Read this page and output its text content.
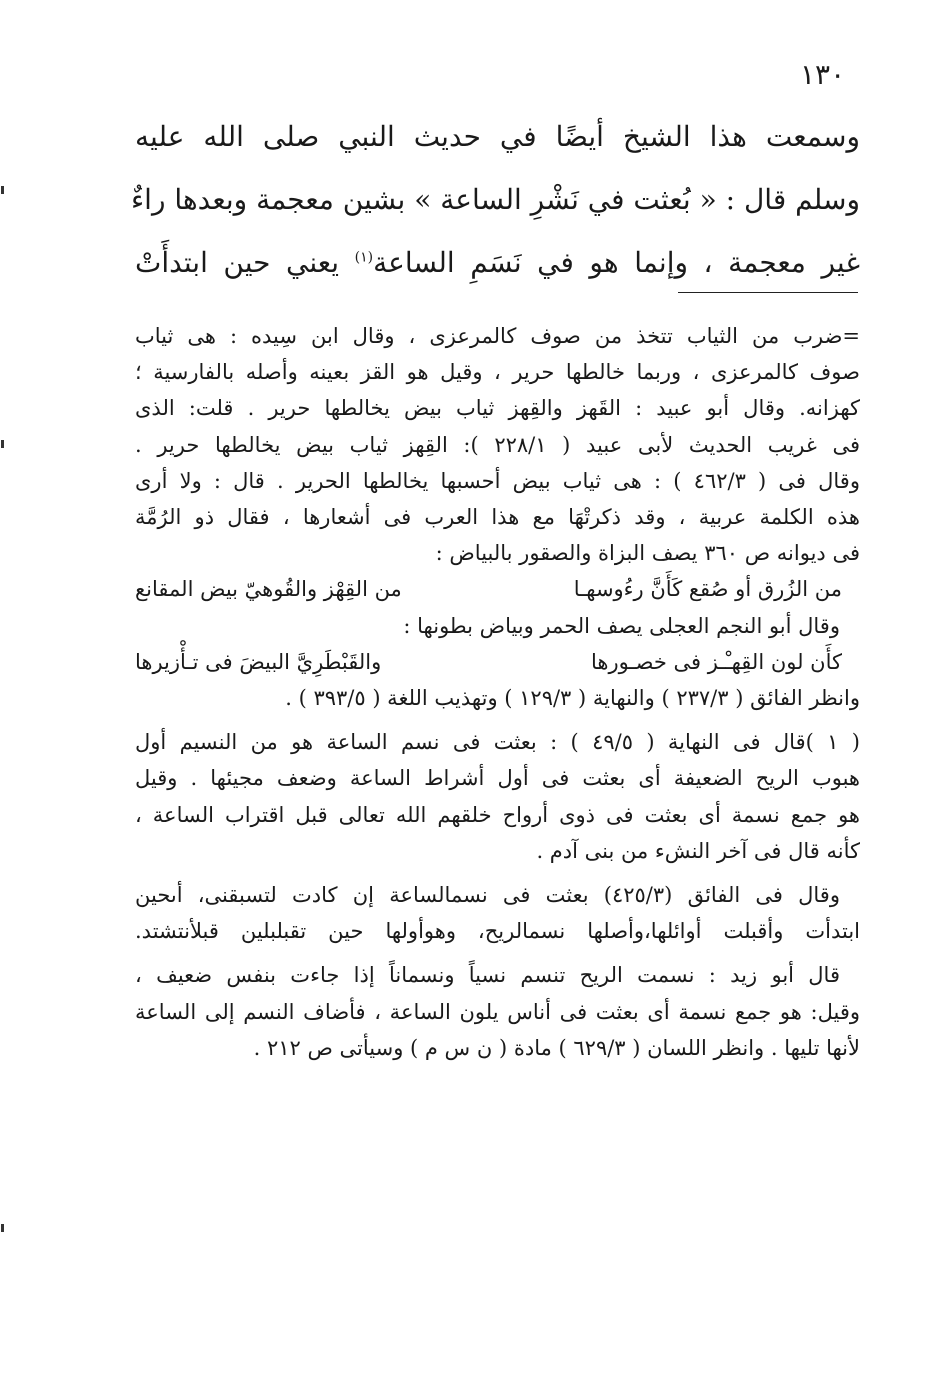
١٣٠

وسمعت هذا الشيخ أيضًا في حديث النبي صلى الله عليه

وسلم قال : « بُعثت في نَشْرِ الساعة » بشين معجمة وبعدها راءٌ

غير معجمة ، وإنما هو في نَسَمِ الساعة$^{(١)}$ يعني حين ابتدأَتْ

=ضرب من الثياب تتخذ من صوف كالمرعزى ، وقال ابن سِيده : هى ثياب

صوف كالمرعزى ، وربما خالطها حرير ، وقيل هو القز بعينه وأصله بالفارسية ؛

كهزانه. وقال أبو عبيد : القَهز والقِهز ثياب بيض يخالطها حرير . قلت: الذى

فى غريب الحديث لأبى عبيد ( ٢٢٨/١ ): القِهز ثياب بيض يخالطها حرير .

وقال فى ( ٤٦٢/٣ ) : هى ثياب بيض أحسبها يخالطها الحرير . قال : ولا أرى

هذه الكلمة عربية ، وقد ذكرتْهَا مع هذا العرب فى أشعارها ، فقال ذو الرُمَّة

فى ديوانه ص ٣٦٠ يصف البزاة والصقور بالبياض :

من الزُرق أو صُقع كَأَنَّ رءُوسهـا
من القِهْز والقُوهيّ بيض المقانع

وقال أبو النجم العجلى يصف الحمر وبياض بطونها :

كأَن لون القِهـْـز فى خصـورها
والقَبْطَرِيَّ البيضَ فى تـأْزيرها

وانظر الفائق ( ٢٣٧/٣ ) والنهاية ( ١٢٩/٣ ) وتهذيب اللغة ( ٣٩٣/٥ ) .

( ١ )قال فى النهاية ( ٤٩/٥ ) : بعثت فى نسم الساعة هو من النسيم أول

هبوب الريح الضعيفة أى بعثت فى أول أشراط الساعة وضعف مجيئها . وقيل

هو جمع نسمة أى بعثت فى ذوى أرواح خلقهم الله تعالى قبل اقتراب الساعة ،

كأنه قال فى آخر النشء من بنى آدم .

وقال فى الفائق (٤٢٥/٣) بعثت فى نسمالساعة إن كادت لتسبقنى، أىحين

ابتدأت وأقبلت أوائلها،وأصلها نسمالريح، وهوأولها حين تقبلبلين قبلأنتشتد.

قال أبو زيد : نسمت الريح تنسم نسياً ونسماناً إذا جاءت بنفس ضعيف ،

وقيل: هو جمع نسمة أى بعثت فى أناس يلون الساعة ، فأضاف النسم إلى الساعة

لأنها تليها . وانظر اللسان ( ٦٢٩/٣ ) مادة ( ن س م ) وسيأتى ص ٢١٢ .
